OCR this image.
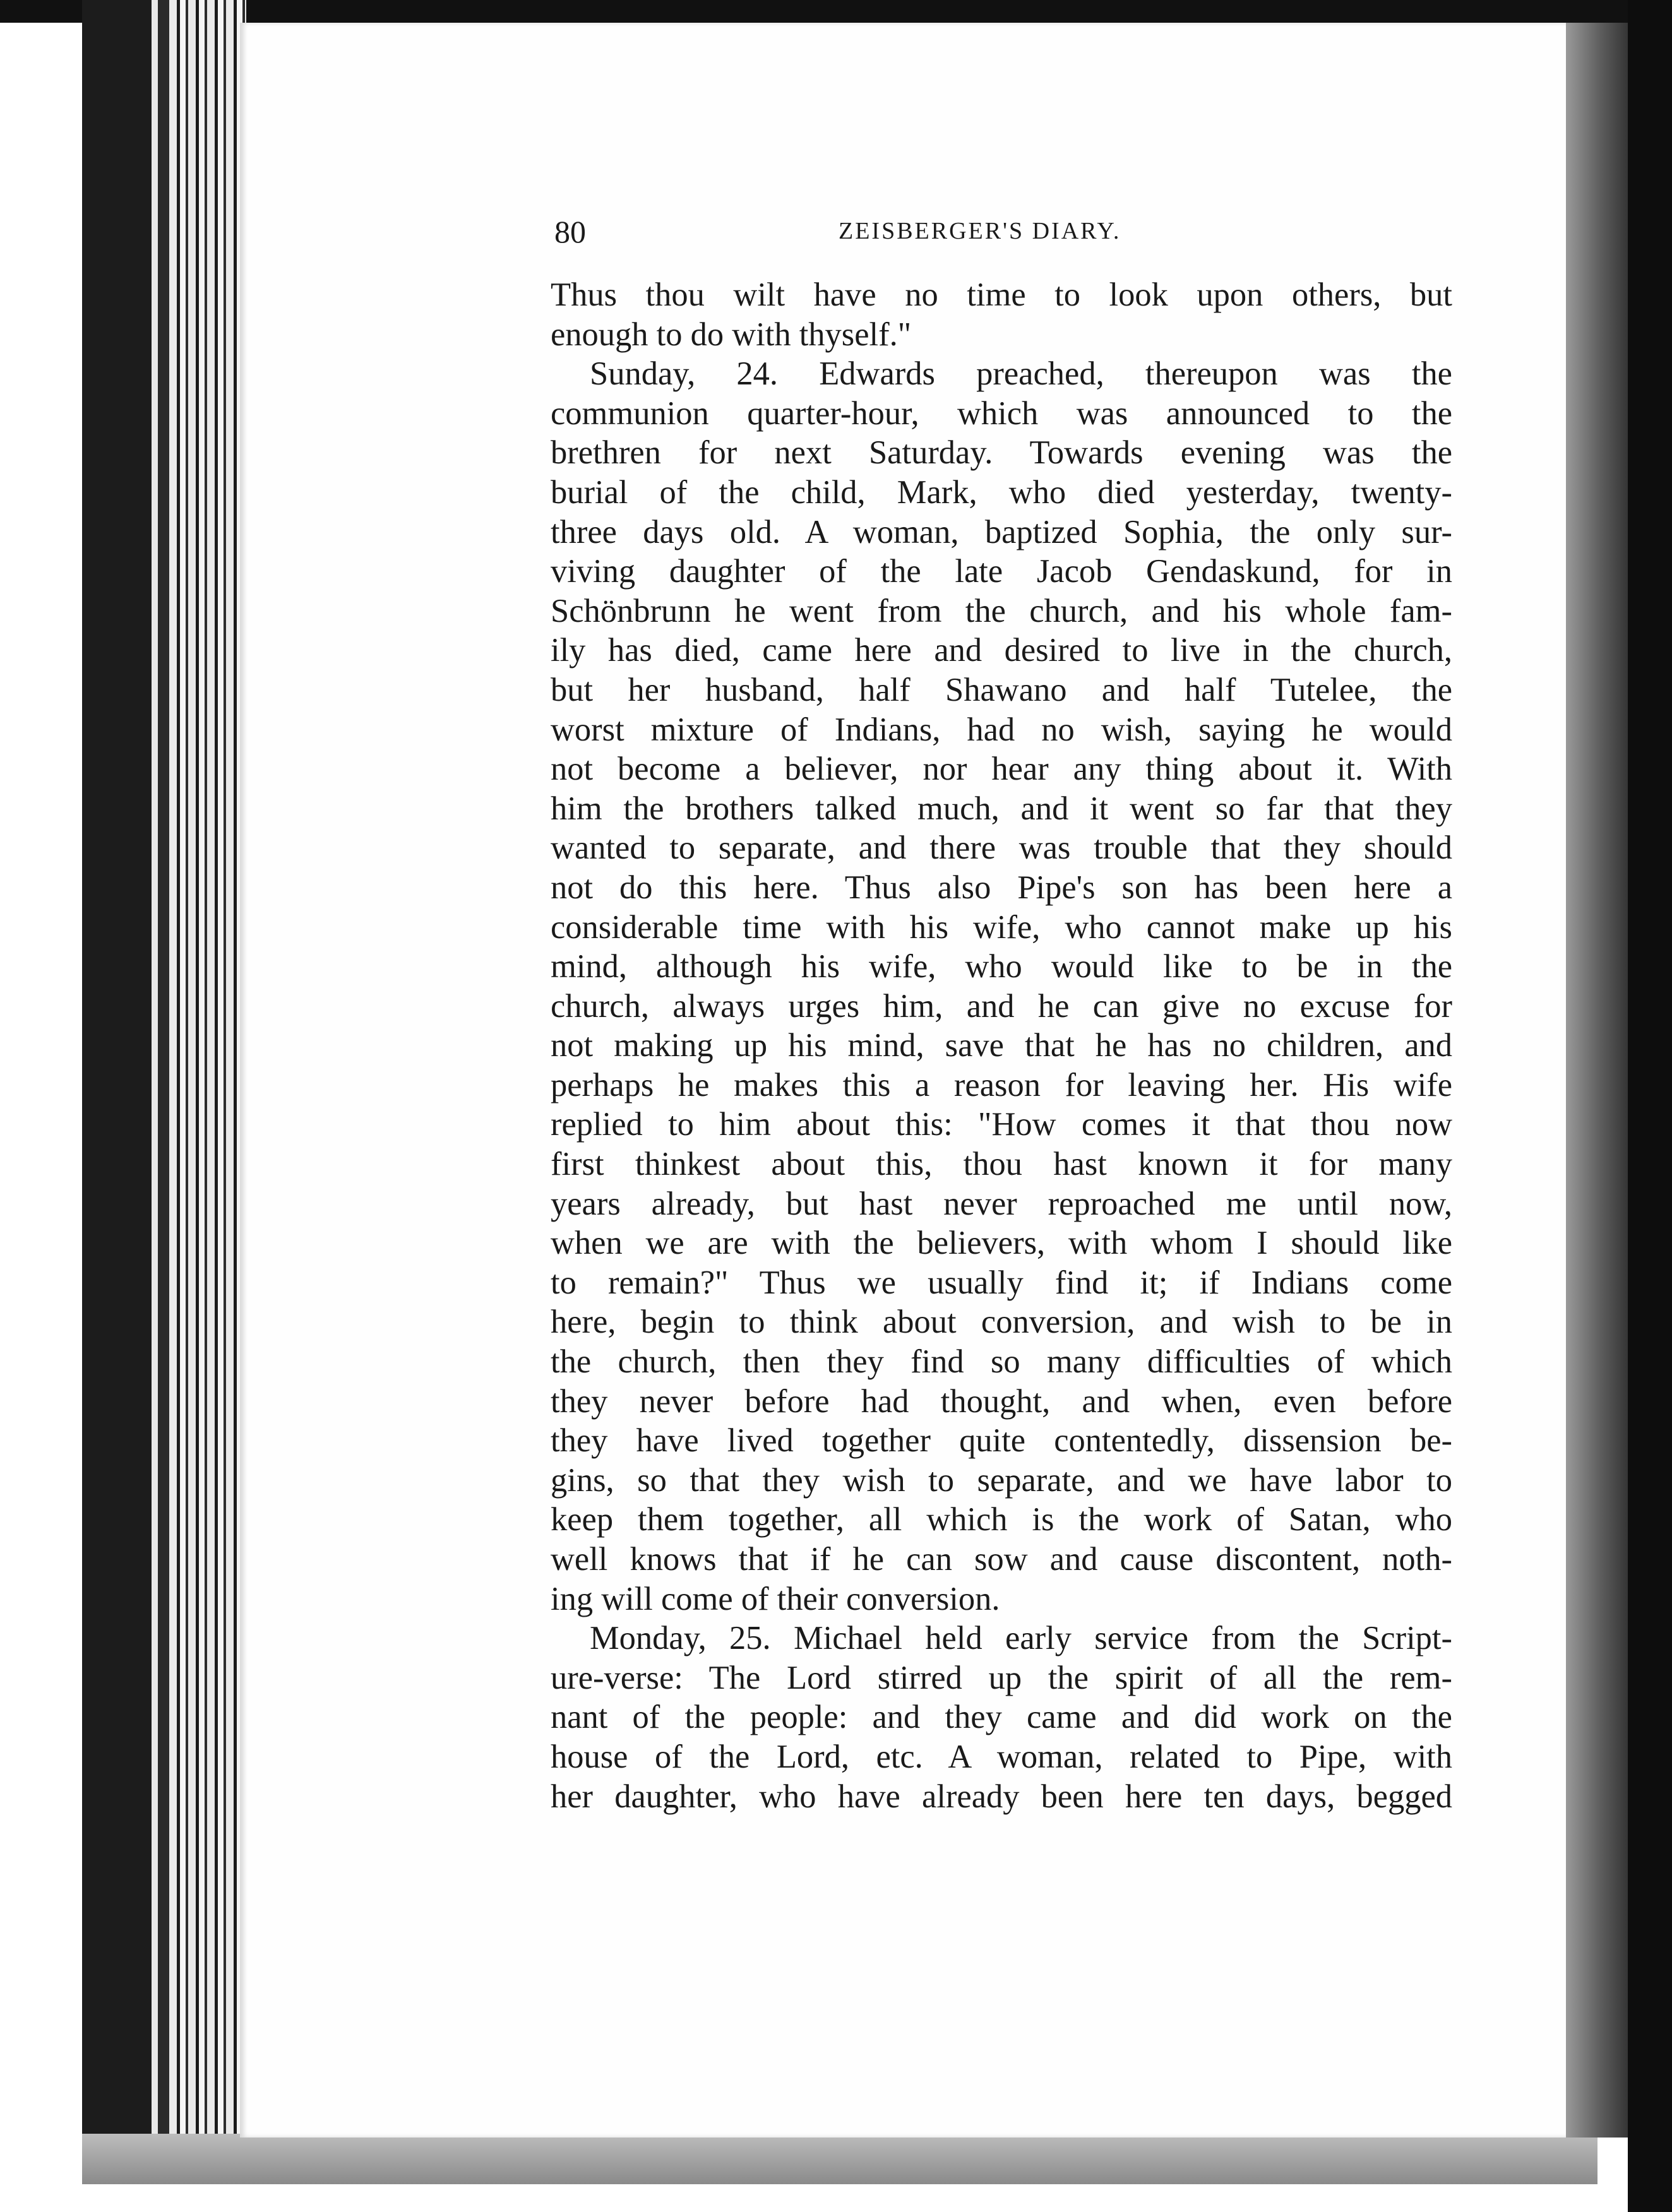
80	ZEISBERGER'S DIARY.
Thus thou wilt have no time to look upon others, but
enough to do with thyself."
Sunday, 24. Edwards preached, thereupon was the
communion quarter-hour, which was announced to the
brethren for next Saturday. Towards evening was the
burial of the child, Mark, who died yesterday, twenty-
three days old. A woman, baptized Sophia, the only sur-
viving daughter of the late Jacob Gendaskund, for in
Schönbrunn he went from the church, and his whole fam-
ily has died, came here and desired to live in the church,
but her husband, half Shawano and half Tutelee, the
worst mixture of Indians, had no wish, saying he would
not become a believer, nor hear any thing about it. With
him the brothers talked much, and it went so far that they
wanted to separate, and there was trouble that they should
not do this here. Thus also Pipe's son has been here a
considerable time with his wife, who cannot make up his
mind, although his wife, who would like to be in the
church, always urges him, and he can give no excuse for
not making up his mind, save that he has no children, and
perhaps he makes this a reason for leaving her. His wife
replied to him about this: "How comes it that thou now
first thinkest about this, thou hast known it for many
years already, but hast never reproached me until now,
when we are with the believers, with whom I should like
to remain?" Thus we usually find it; if Indians come
here, begin to think about conversion, and wish to be in
the church, then they find so many difficulties of which
they never before had thought, and when, even before
they have lived together quite contentedly, dissension be-
gins, so that they wish to separate, and we have labor to
keep them together, all which is the work of Satan, who
well knows that if he can sow and cause discontent, noth-
ing will come of their conversion.
Monday, 25. Michael held early service from the Script-
ure-verse: The Lord stirred up the spirit of all the rem-
nant of the people: and they came and did work on the
house of the Lord, etc. A woman, related to Pipe, with
her daughter, who have already been here ten days, begged
